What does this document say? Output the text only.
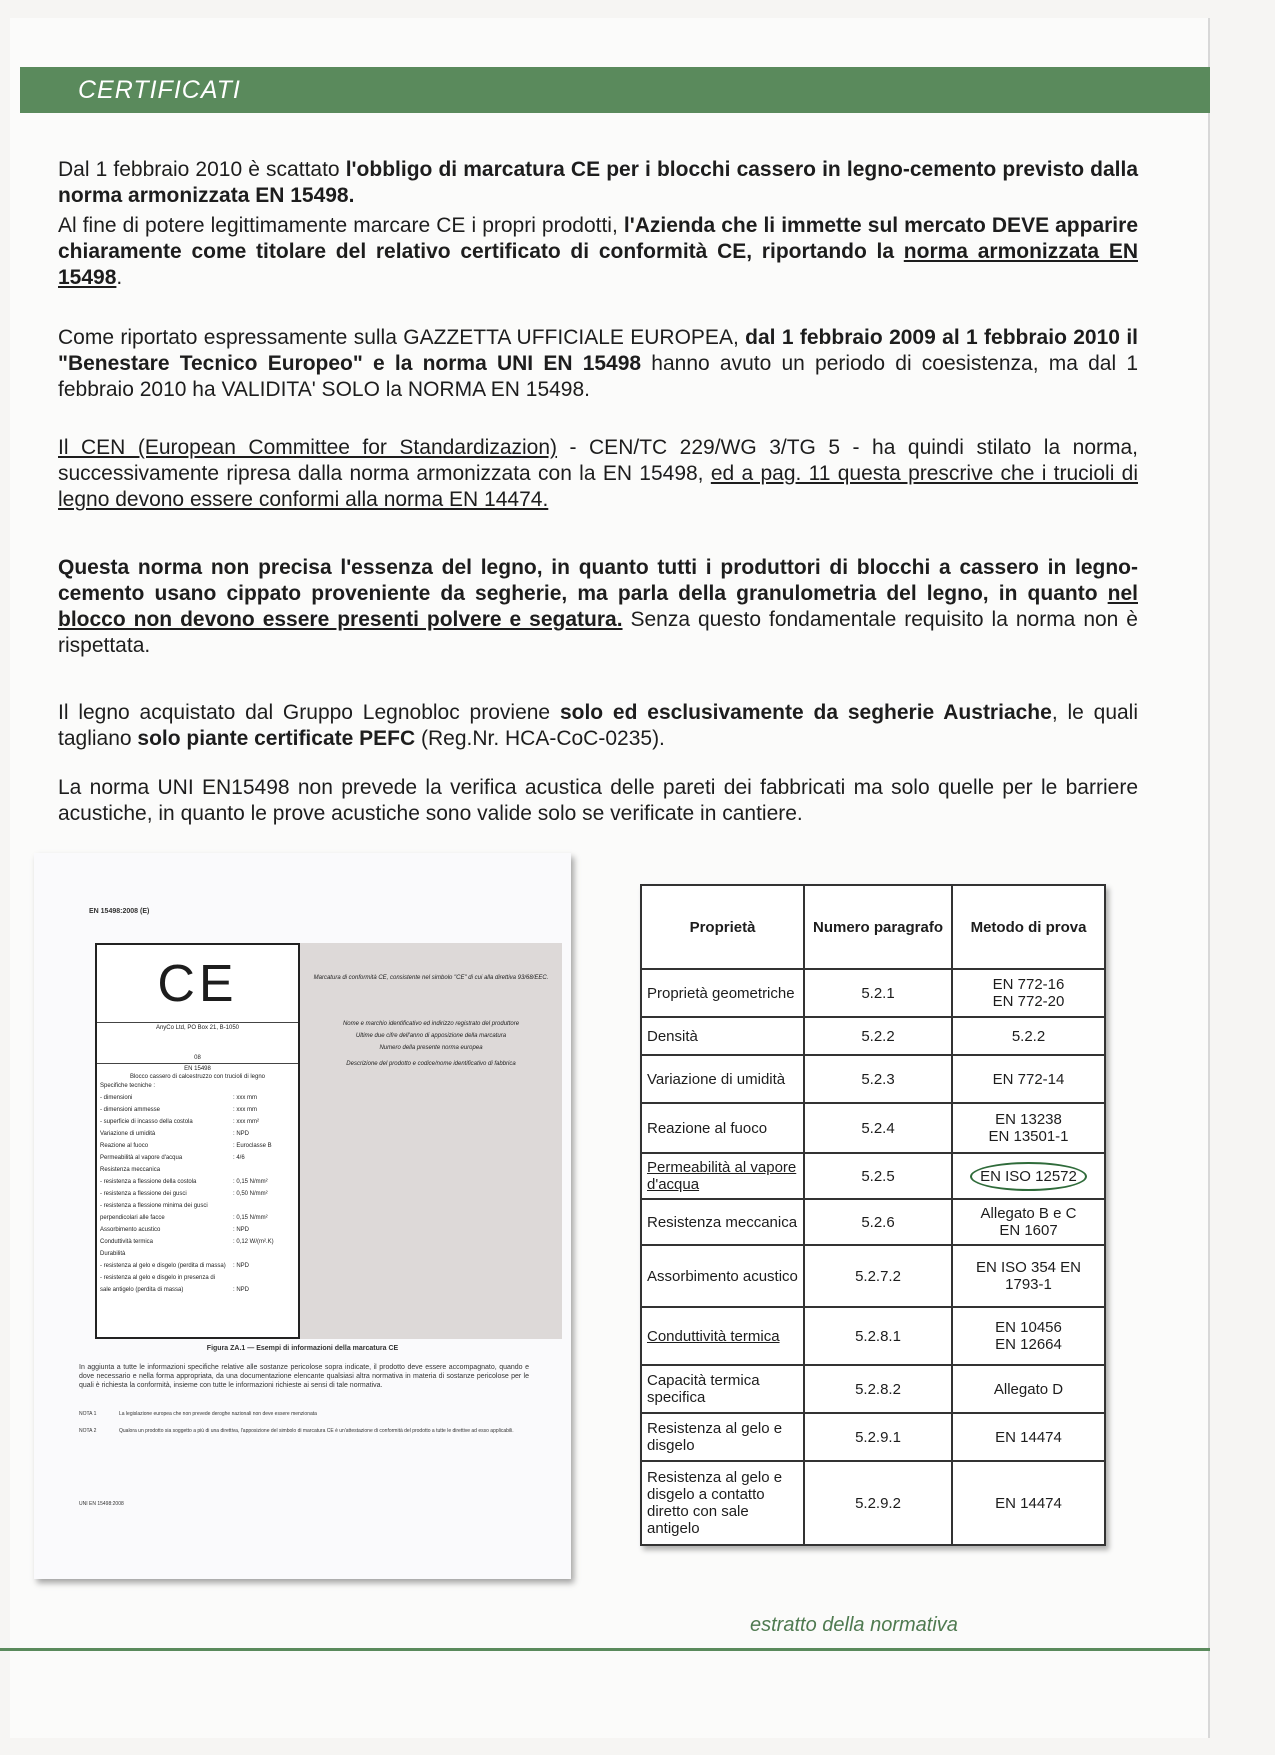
CERTIFICATI
Dal 1 febbraio 2010 è scattato l'obbligo di marcatura CE per i blocchi cassero in legno-cemento previsto dalla norma armonizzata EN 15498.
Al fine di potere legittimamente marcare CE i propri prodotti, l'Azienda che li immette sul mercato DEVE apparire chiaramente come titolare del relativo certificato di conformità CE, riportando la norma armonizzata EN 15498.
Come riportato espressamente sulla GAZZETTA UFFICIALE EUROPEA, dal 1 febbraio 2009 al 1 febbraio 2010 il "Benestare Tecnico Europeo" e la norma UNI EN 15498 hanno avuto un periodo di coesistenza, ma dal 1 febbraio 2010 ha VALIDITA' SOLO la NORMA EN 15498.
Il CEN (European Committee for Standardizazion) - CEN/TC 229/WG 3/TG 5 - ha quindi stilato la norma, successivamente ripresa dalla norma armonizzata con la EN 15498, ed a pag. 11 questa prescrive che i trucioli di legno devono essere conformi alla norma EN 14474.
Questa norma non precisa l'essenza del legno, in quanto tutti i produttori di blocchi a cassero in legno-cemento usano cippato proveniente da segherie, ma parla della granulometria del legno, in quanto nel blocco non devono essere presenti polvere e segatura. Senza questo fondamentale requisito la norma non è rispettata.
Il legno acquistato dal Gruppo Legnobloc proviene solo ed esclusivamente da segherie Austriache, le quali tagliano solo piante certificate PEFC (Reg.Nr. HCA-CoC-0235).
La norma UNI EN15498 non prevede la verifica acustica delle pareti dei fabbricati ma solo quelle per le barriere acustiche, in quanto le prove acustiche sono valide solo se verificate in cantiere.
EN 15498:2008 (E)
CE
AnyCo Ltd, PO Box 21, B-1050
08
EN 15498
Blocco cassero di calcestruzzo con trucioli di legno
Specifiche tecniche :
- dimensioni	: xxx mm
- dimensioni ammesse	: xxx mm
- superficie di incasso della costola	: xxx mm²
Variazione di umidità	: NPD
Reazione al fuoco	: Euroclasse B
Permeabilità al vapore d'acqua	: 4/6
Resistenza meccanica
- resistenza a flessione della costola	: 0,15 N/mm²
- resistenza a flessione dei gusci	: 0,50 N/mm²
- resistenza a flessione minima dei gusci
perpendicolari alle facce	: 0,15 N/mm²
Assorbimento acustico	: NPD
Conduttività termica	: 0,12 W/(m².K)
Durabilità
- resistenza al gelo e disgelo (perdita di massa) : NPD
- resistenza al gelo e disgelo in presenza di
sale antigelo (perdita di massa)	: NPD
Marcatura di conformità CE, consistente nel simbolo "CE" di cui alla direttiva 93/68/EEC.
Nome e marchio identificativo ed indirizzo registrato del produttore
Ultime due cifre dell'anno di apposizione della marcatura
Numero della presente norma europea
Descrizione del prodotto e codice/nome identificativo di fabbrica
Figura ZA.1 — Esempi di informazioni della marcatura CE
In aggiunta a tutte le informazioni specifiche relative alle sostanze pericolose sopra indicate, il prodotto deve essere accompagnato, quando e dove necessario e nella forma appropriata, da una documentazione elencante qualsiasi altra normativa in materia di sostanze pericolose per le quali è richiesta la conformità, insieme con tutte le informazioni richieste ai sensi di tale normativa.
NOTA 1	La legislazione europea che non prevede deroghe nazionali non deve essere menzionata
NOTA 2	Qualora un prodotto sia soggetto a più di una direttiva, l'apposizione del simbolo di marcatura CE è un'attestazione di conformità del prodotto a tutte le direttive ad esso applicabili.
UNI EN 15498:2008
Proprietà	Numero paragrafo	Metodo di prova
Proprietà geometriche	5.2.1	EN 772-16
EN 772-20
Densità	5.2.2	5.2.2
Variazione di umidità	5.2.3	EN 772-14
Reazione al fuoco	5.2.4	EN 13238
EN 13501-1
Permeabilità al vapore d'acqua	5.2.5	EN ISO 12572
Resistenza meccanica	5.2.6	Allegato B e C
EN 1607
Assorbimento acustico	5.2.7.2	EN ISO 354 EN 1793-1
Conduttività termica	5.2.8.1	EN 10456
EN 12664
Capacità termica specifica	5.2.8.2	Allegato D
Resistenza al gelo e disgelo	5.2.9.1	EN 14474
Resistenza al gelo e disgelo a contatto diretto con sale antigelo	5.2.9.2	EN 14474
estratto della normativa
